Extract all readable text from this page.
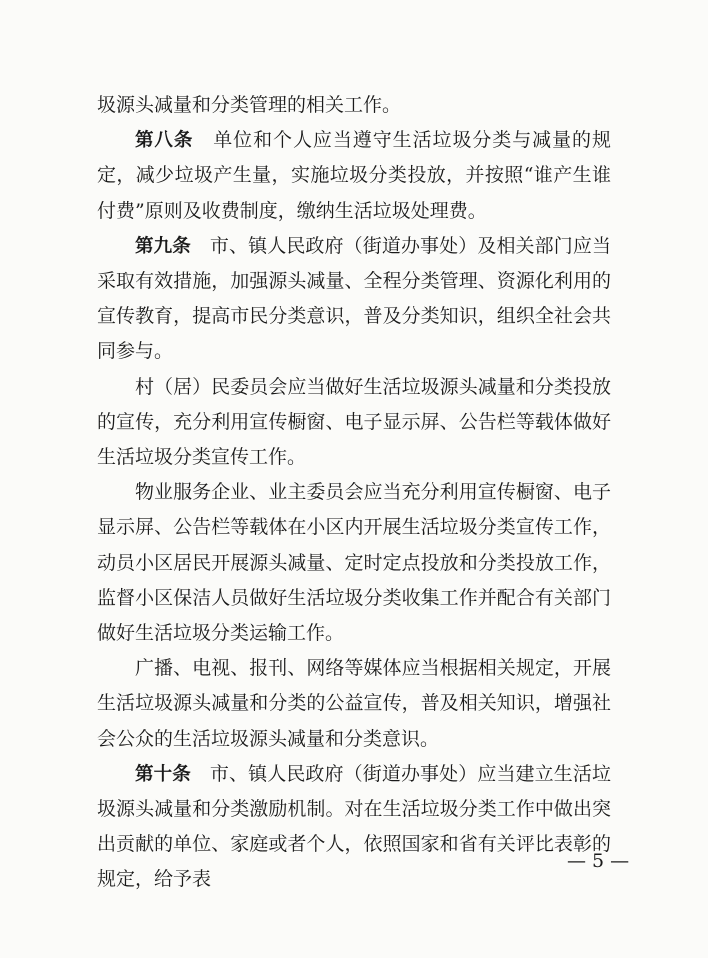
圾源头减量和分类管理的相关工作。

第八条　 单位和个人应当遵守生活垃圾分类与减量的规定，减少垃圾产生量，实施垃圾分类投放，并按照“谁产生谁付费”原则及收费制度，缴纳生活垃圾处理费。

第九条　 市、镇人民政府（街道办事处）及相关部门应当采取有效措施，加强源头减量、全程分类管理、资源化利用的宣传教育，提高市民分类意识，普及分类知识，组织全社会共同参与。

村（居）民委员会应当做好生活垃圾源头减量和分类投放的宣传，充分利用宣传橱窗、电子显示屏、公告栏等载体做好生活垃圾分类宣传工作。

物业服务企业、业主委员会应当充分利用宣传橱窗、电子显示屏、公告栏等载体在小区内开展生活垃圾分类宣传工作，动员小区居民开展源头减量、定时定点投放和分类投放工作，监督小区保洁人员做好生活垃圾分类收集工作并配合有关部门做好生活垃圾分类运输工作。

广播、电视、报刊、网络等媒体应当根据相关规定，开展生活垃圾源头减量和分类的公益宣传，普及相关知识，增强社会公众的生活垃圾源头减量和分类意识。

第十条　 市、镇人民政府（街道办事处）应当建立生活垃圾源头减量和分类激励机制。对在生活垃圾分类工作中做出突出贡献的单位、家庭或者个人，依照国家和省有关评比表彰的规定，给予表

— 5 —
